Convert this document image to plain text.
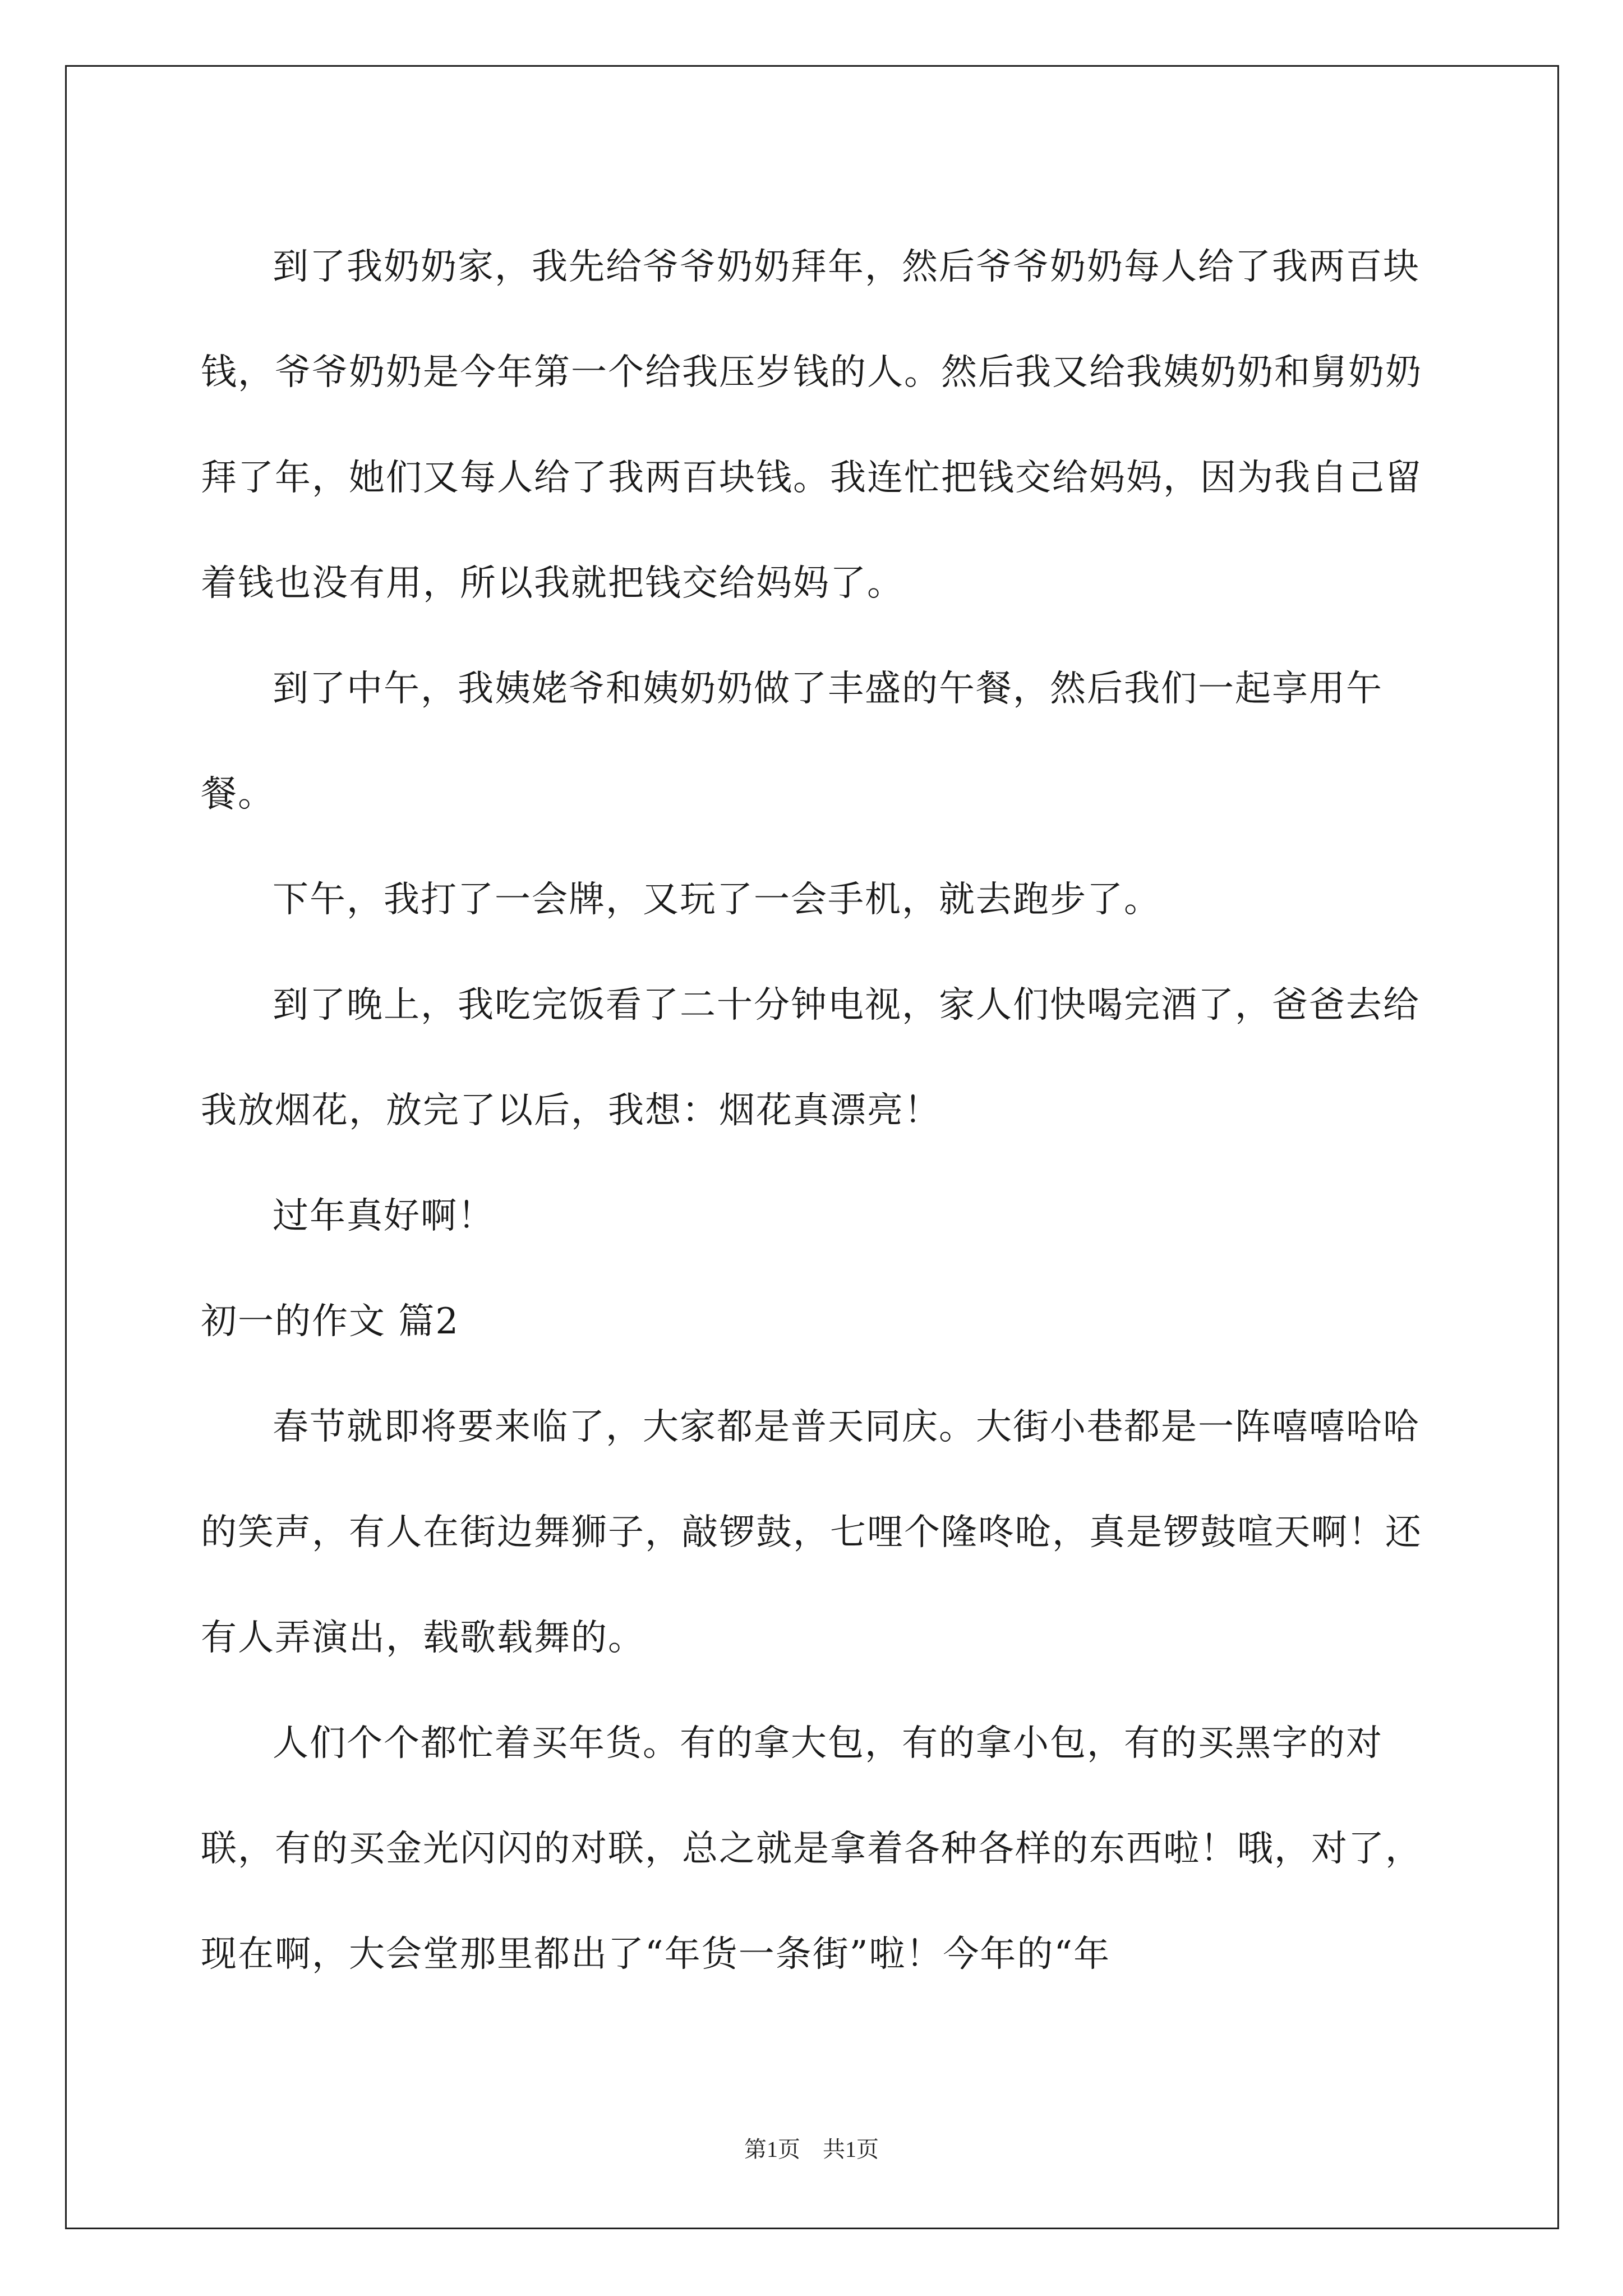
到了我奶奶家，我先给爷爷奶奶拜年，然后爷爷奶奶每人给了我两百块钱，爷爷奶奶是今年第一个给我压岁钱的人。然后我又给我姨奶奶和舅奶奶拜了年，她们又每人给了我两百块钱。我连忙把钱交给妈妈，因为我自己留着钱也没有用，所以我就把钱交给妈妈了。

到了中午，我姨姥爷和姨奶奶做了丰盛的午餐，然后我们一起享用午餐。

下午，我打了一会牌，又玩了一会手机，就去跑步了。

到了晚上，我吃完饭看了二十分钟电视，家人们快喝完酒了，爸爸去给我放烟花，放完了以后，我想：烟花真漂亮！

过年真好啊！

初一的作文 篇2

春节就即将要来临了，大家都是普天同庆。大街小巷都是一阵嘻嘻哈哈的笑声，有人在街边舞狮子，敲锣鼓，七哩个隆咚呛，真是锣鼓喧天啊！还有人弄演出，载歌载舞的。

人们个个都忙着买年货。有的拿大包，有的拿小包，有的买黑字的对联，有的买金光闪闪的对联，总之就是拿着各种各样的东西啦！哦，对了，现在啊，大会堂那里都出了“年货一条街”啦！今年的“年

第1页　共1页
